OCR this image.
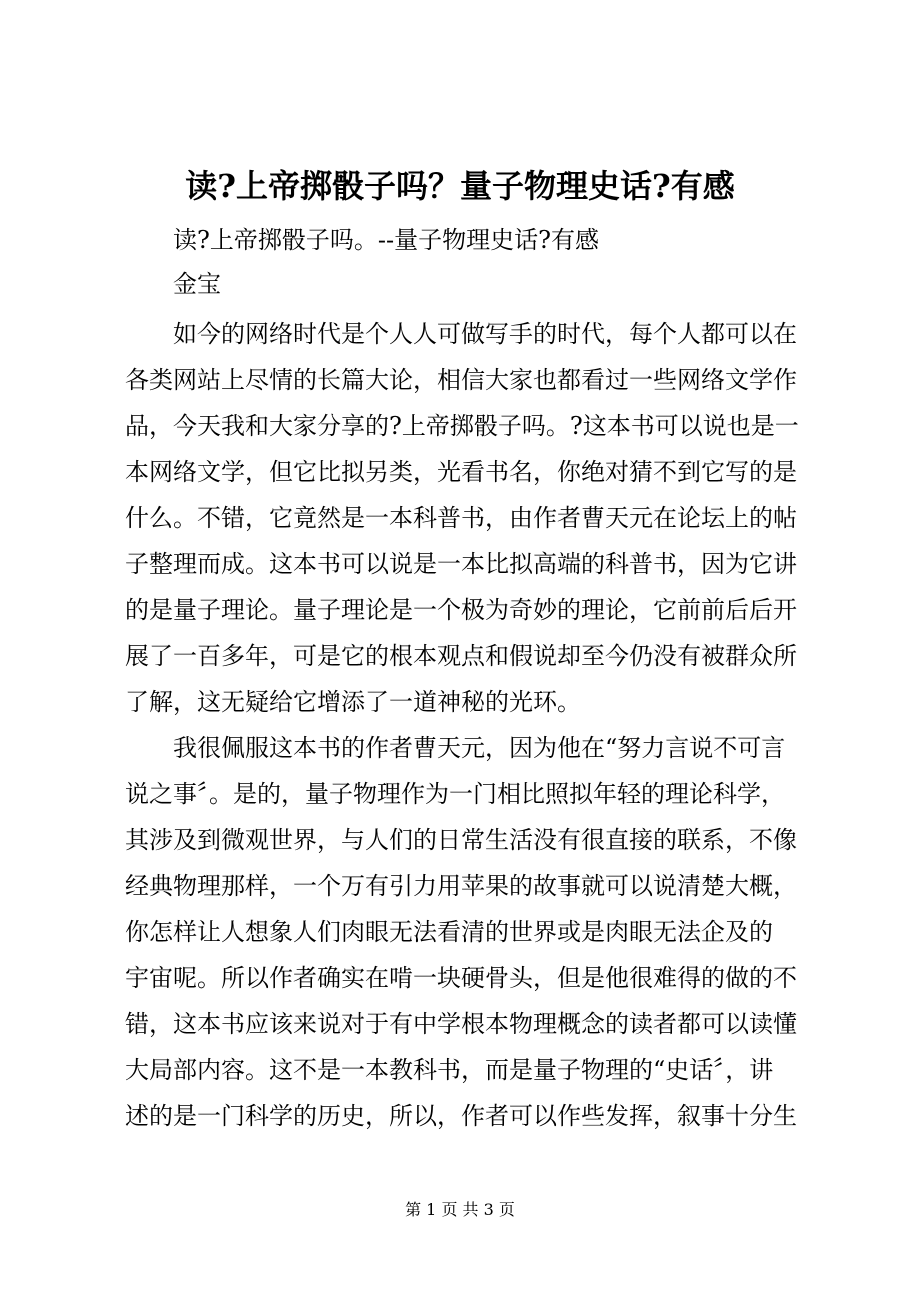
读?上帝掷骰子吗？量子物理史话?有感
读?上帝掷骰子吗。--量子物理史话?有感
金宝
　　如今的网络时代是个人人可做写手的时代，每个人都可以在
各类网站上尽情的长篇大论，相信大家也都看过一些网络文学作
品，今天我和大家分享的?上帝掷骰子吗。?这本书可以说也是一
本网络文学，但它比拟另类，光看书名，你绝对猜不到它写的是
什么。不错，它竟然是一本科普书，由作者曹天元在论坛上的帖
子整理而成。这本书可以说是一本比拟高端的科普书，因为它讲
的是量子理论。量子理论是一个极为奇妙的理论，它前前后后开
展了一百多年，可是它的根本观点和假说却至今仍没有被群众所
了解，这无疑给它增添了一道神秘的光环。
　　我很佩服这本书的作者曹天元，因为他在“努力言说不可言
说之事〞。是的，量子物理作为一门相比照拟年轻的理论科学，
其涉及到微观世界，与人们的日常生活没有很直接的联系，不像
经典物理那样，一个万有引力用苹果的故事就可以说清楚大概，
你怎样让人想象人们肉眼无法看清的世界或是肉眼无法企及的
宇宙呢。所以作者确实在啃一块硬骨头，但是他很难得的做的不
错，这本书应该来说对于有中学根本物理概念的读者都可以读懂
大局部内容。这不是一本教科书，而是量子物理的“史话〞，讲
述的是一门科学的历史，所以，作者可以作些发挥，叙事十分生
第 1 页 共 3 页
